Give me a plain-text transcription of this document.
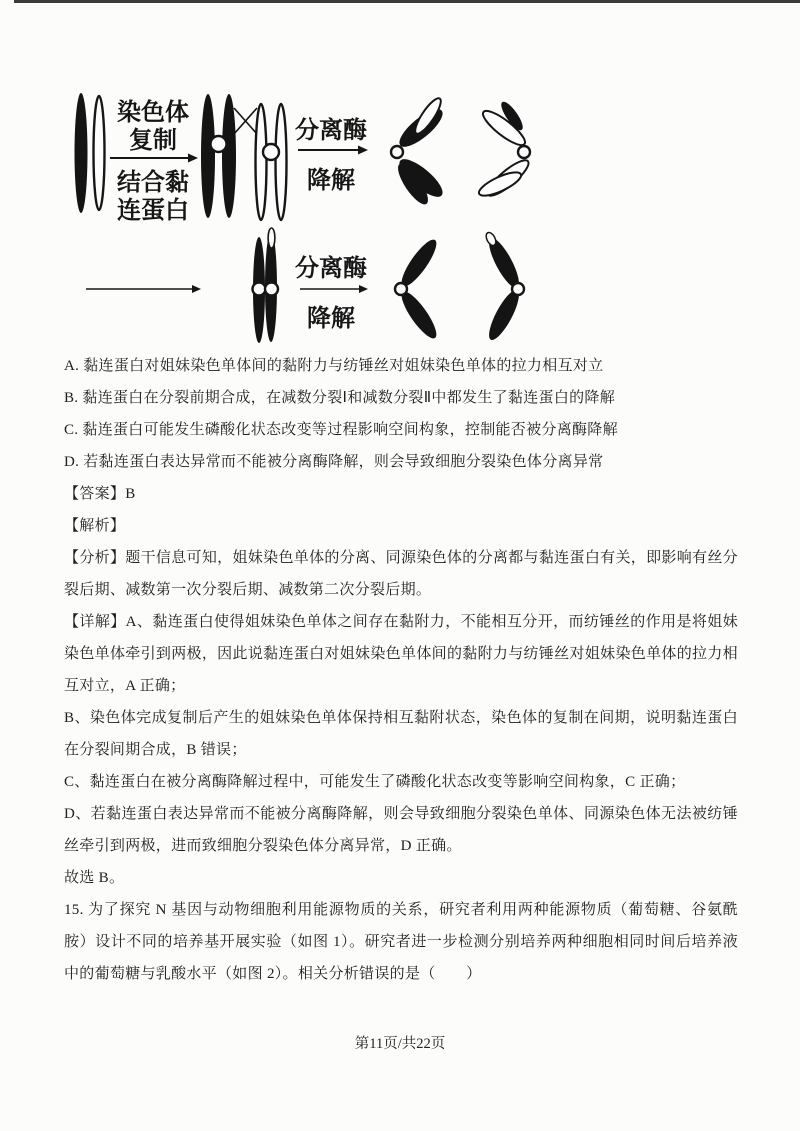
染色体
复制
结合黏
连蛋白
分离酶
降解
分离酶
降解

A. 黏连蛋白对姐妹染色单体间的黏附力与纺锤丝对姐妹染色单体的拉力相互对立

B. 黏连蛋白在分裂前期合成，在减数分裂Ⅰ和减数分裂Ⅱ中都发生了黏连蛋白的降解

C. 黏连蛋白可能发生磷酸化状态改变等过程影响空间构象，控制能否被分离酶降解

D. 若黏连蛋白表达异常而不能被分离酶降解，则会导致细胞分裂染色体分离异常

【答案】B

【解析】

【分析】题干信息可知，姐妹染色单体的分离、同源染色体的分离都与黏连蛋白有关，即影响有丝分裂后期、减数第一次分裂后期、减数第二次分裂后期。

【详解】A、黏连蛋白使得姐妹染色单体之间存在黏附力，不能相互分开，而纺锤丝的作用是将姐妹染色单体牵引到两极，因此说黏连蛋白对姐妹染色单体间的黏附力与纺锤丝对姐妹染色单体的拉力相互对立，A 正确；

B、染色体完成复制后产生的姐妹染色单体保持相互黏附状态，染色体的复制在间期，说明黏连蛋白在分裂间期合成，B 错误；

C、黏连蛋白在被分离酶降解过程中，可能发生了磷酸化状态改变等影响空间构象，C 正确；

D、若黏连蛋白表达异常而不能被分离酶降解，则会导致细胞分裂染色单体、同源染色体无法被纺锤丝牵引到两极，进而致细胞分裂染色体分离异常，D 正确。

故选 B。

15. 为了探究 N 基因与动物细胞利用能源物质的关系，研究者利用两种能源物质（葡萄糖、谷氨酰胺）设计不同的培养基开展实验（如图 1）。研究者进一步检测分别培养两种细胞相同时间后培养液中的葡萄糖与乳酸水平（如图 2）。相关分析错误的是（　　）

第11页/共22页
